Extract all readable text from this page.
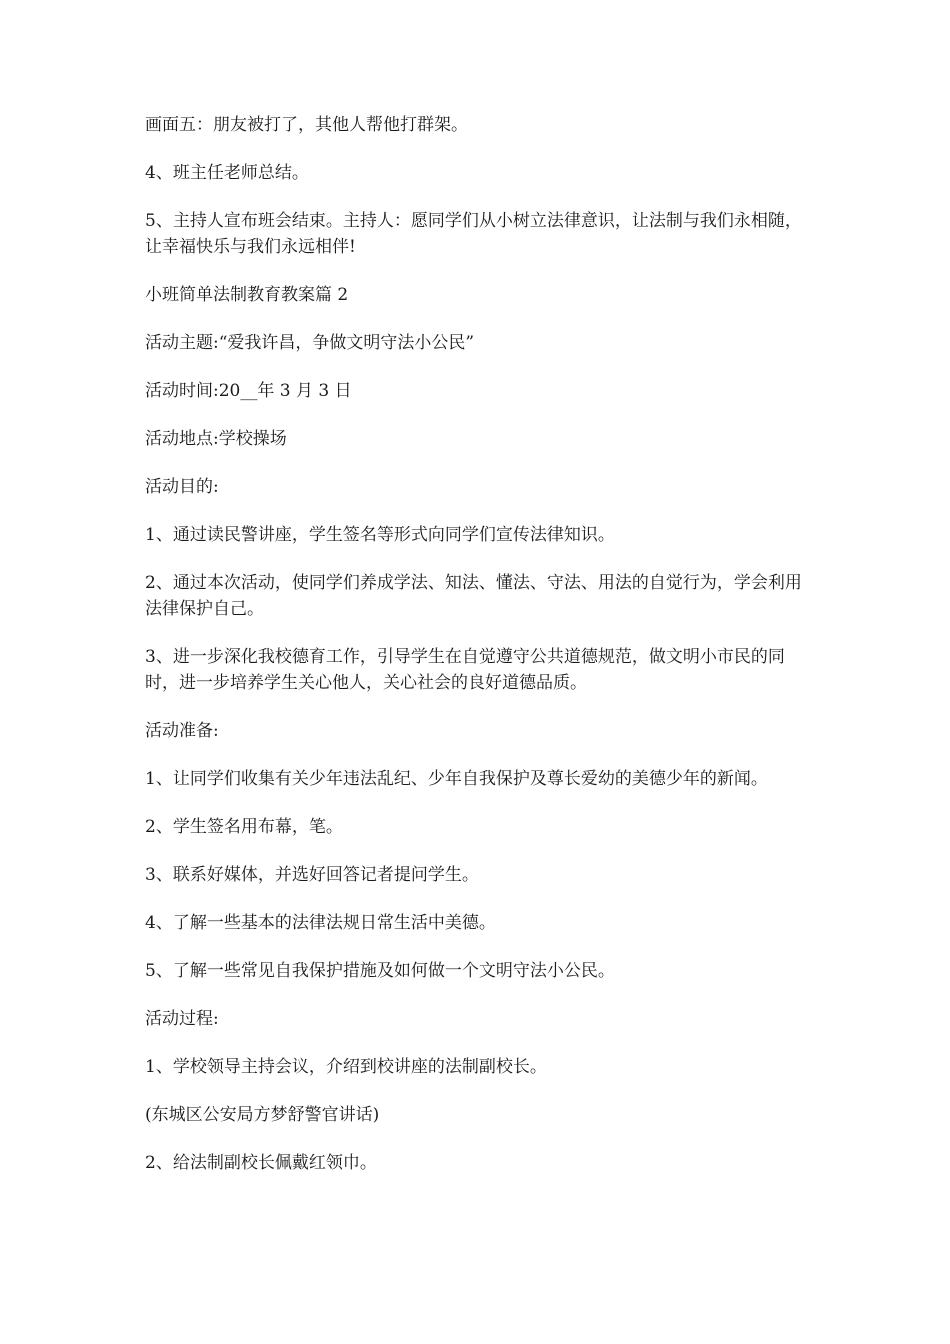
画面五：朋友被打了，其他人帮他打群架。

4、班主任老师总结。

5、主持人宣布班会结束。主持人：愿同学们从小树立法律意识，让法制与我们永相随，让幸福快乐与我们永远相伴!

小班简单法制教育教案篇 2

活动主题:“爱我许昌，争做文明守法小公民”

活动时间:20__年 3 月 3 日

活动地点:学校操场

活动目的:

1、通过读民警讲座，学生签名等形式向同学们宣传法律知识。

2、通过本次活动，使同学们养成学法、知法、懂法、守法、用法的自觉行为，学会利用法律保护自己。

3、进一步深化我校德育工作，引导学生在自觉遵守公共道德规范，做文明小市民的同时，进一步培养学生关心他人，关心社会的良好道德品质。

活动准备:

1、让同学们收集有关少年违法乱纪、少年自我保护及尊长爱幼的美德少年的新闻。

2、学生签名用布幕，笔。

3、联系好媒体，并选好回答记者提问学生。

4、了解一些基本的法律法规日常生活中美德。

5、了解一些常见自我保护措施及如何做一个文明守法小公民。

活动过程:

1、学校领导主持会议，介绍到校讲座的法制副校长。

(东城区公安局方梦舒警官讲话)

2、给法制副校长佩戴红领巾。
